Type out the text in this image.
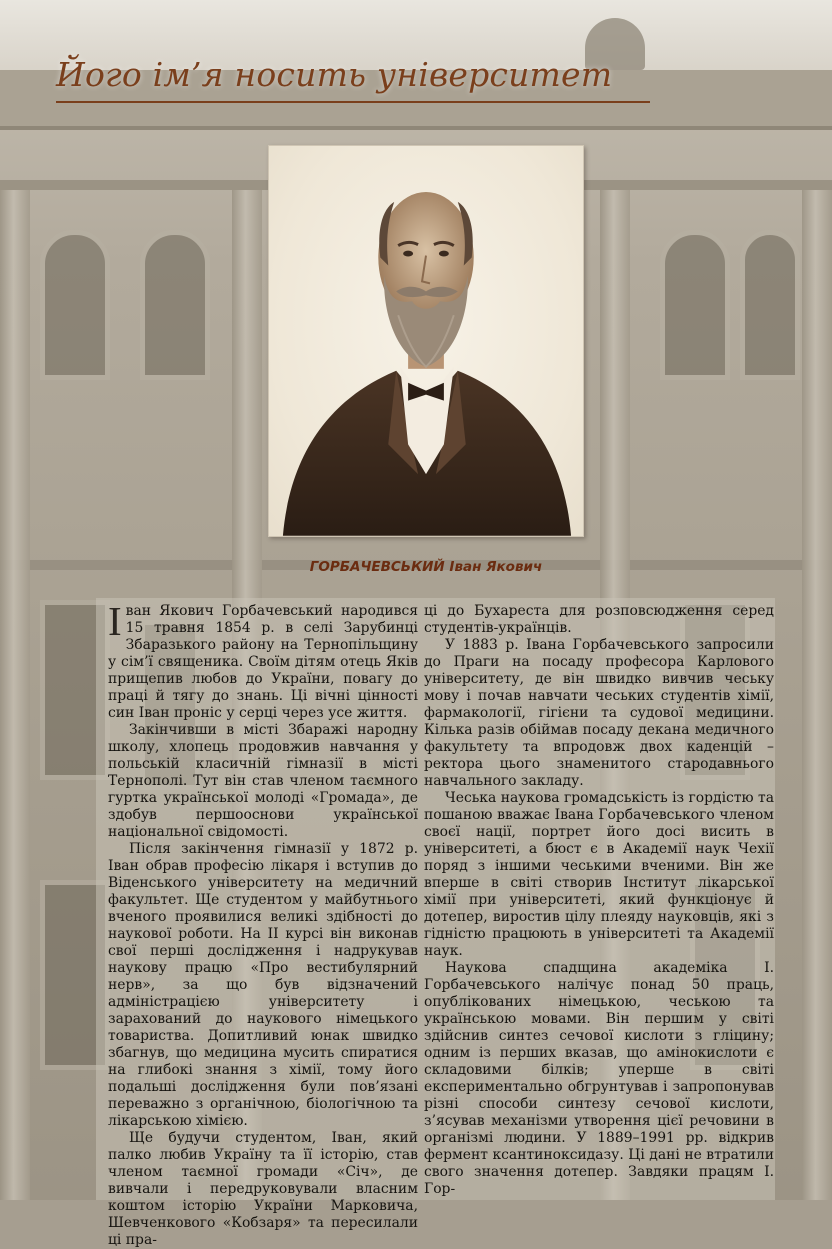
Його ім’я носить університет
ГОРБАЧЕВСЬКИЙ Іван Якович

Іван Якович Горбачевський народився 15 травня 1854 р. в селі Зарубинці Збаразького району на Тернопільщину у сім’ї священика. Своїм дітям отець Яків прищепив любов до України, повагу до праці й тягу до знань. Ці вічні цінності син Іван проніс у серці через усе життя.

Закінчивши в місті Збаражі народну школу, хлопець продовжив навчання у польській класичній гімназії в місті Тернополі. Тут він став членом таємного гуртка української молоді «Громада», де здобув першооснови української національної свідомості.

Після закінчення гімназії у 1872 р. Іван обрав професію лікаря і вступив до Віденського університету на медичний факультет. Ще студентом у майбутнього вченого проявилися великі здібності до наукової роботи. На ІІ курсі він виконав свої перші дослідження і надрукував наукову працю «Про вестибулярний нерв», за що був відзначений адміністрацією університету і зарахований до наукового німецького товариства. Допитливий юнак швидко збагнув, що медицина мусить спиратися на глибокі знання з хімії, тому його подальші дослідження були пов’язані переважно з органічною, біологічною та лікарською хімією.

Ще будучи студентом, Іван, який палко любив Україну та її історію, став членом таємної громади «Січ», де вивчали і передруковували власним коштом історію України Марковича, Шевченкового «Кобзаря» та пересилали ці пра-

ці до Бухареста для розповсюдження серед студентів-українців.

У 1883 р. Івана Горбачевського запросили до Праги на посаду професора Карлового університету, де він швидко вивчив чеську мову і почав навчати чеських студентів хімії, фармакології, гігієни та судової медицини. Кілька разів обіймав посаду декана медичного факультету та впродовж двох каденцій – ректора цього знаменитого стародавнього навчального закладу.

Чеська наукова громадськість із гордістю та пошаною вважає Івана Горбачевського членом своєї нації, портрет його досі висить в університеті, а бюст є в Академії наук Чехії поряд з іншими чеськими вченими. Він же вперше в світі створив Інститут лікарської хімії при університеті, який функціонує й дотепер, виростив цілу плеяду науковців, які з гідністю працюють в університеті та Академії наук.

Наукова спадщина академіка І. Горбачевського налічує понад 50 праць, опублікованих німецькою, чеською та українською мовами. Він першим у світі здійснив синтез сечової кислоти з гліцину; одним із перших вказав, що амінокислоти є складовими білків; уперше в світі експериментально обгрунтував і запропонував різні способи синтезу сечової кислоти, з’ясував механізми утворення цієї речовини в організмі людини. У 1889–1991 рр. відкрив фермент ксантиноксидазу. Ці дані не втратили свого значення дотепер. Завдяки працям І. Гор-
